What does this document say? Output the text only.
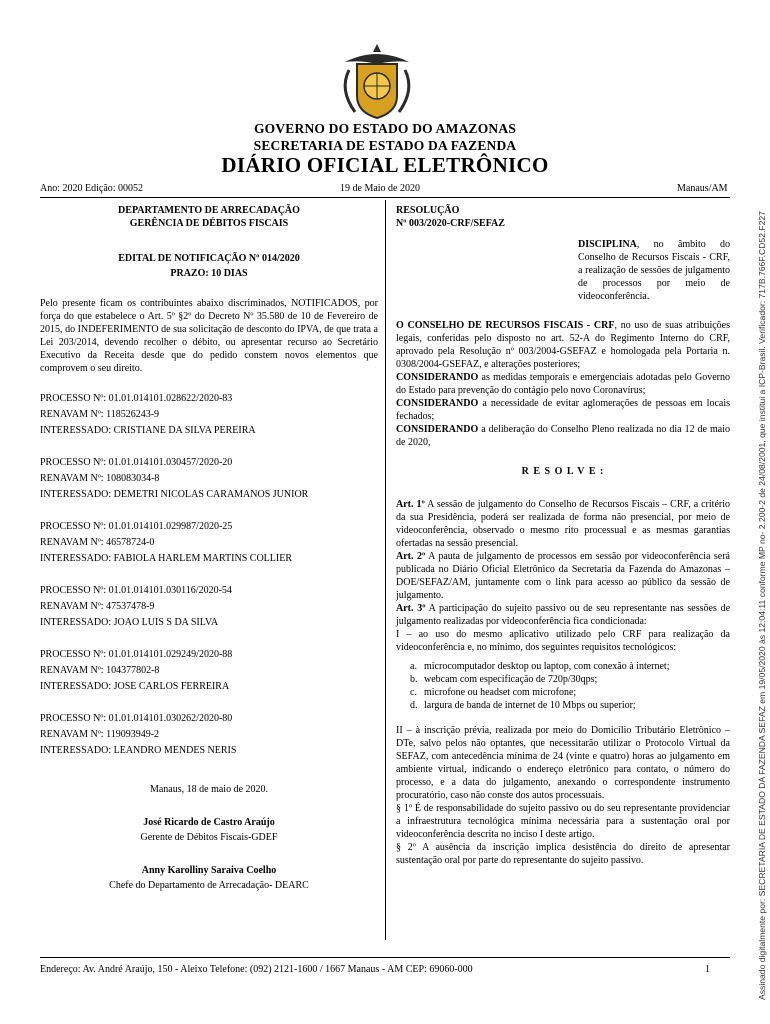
GOVERNO DO ESTADO DO AMAZONAS
SECRETARIA DE ESTADO DA FAZENDA
DIÁRIO OFICIAL ELETRÔNICO
Ano: 2020 Edição: 00052	19 de Maio de 2020	Manaus/AM
DEPARTAMENTO DE ARRECADAÇÃO
GERÊNCIA DE DÉBITOS FISCAIS
EDITAL DE NOTIFICAÇÃO Nº 014/2020
PRAZO: 10 DIAS
Pelo presente ficam os contribuintes abaixo discriminados, NOTIFICADOS, por força do que estabelece o Art. 5º §2º do Decreto Nº 35.580 de 10 de Fevereiro de 2015, do INDEFERIMENTO de sua solicitação de desconto do IPVA, de que trata a Lei 203/2014, devendo recolher o débito, ou apresentar recurso ao Secretário Executivo da Receita desde que do pedido constem novos elementos que comprovem o seu direito.
PROCESSO Nº: 01.01.014101.028622/2020-83
RENAVAM Nº: 118526243-9
INTERESSADO: CRISTIANE DA SILVA PEREIRA
PROCESSO Nº: 01.01.014101.030457/2020-20
RENAVAM Nº: 108083034-8
INTERESSADO: DEMETRI NICOLAS CARAMANOS JUNIOR
PROCESSO Nº: 01.01.014101.029987/2020-25
RENAVAM Nº: 46578724-0
INTERESSADO: FABIOLA HARLEM MARTINS COLLIER
PROCESSO Nº: 01.01.014101.030116/2020-54
RENAVAM Nº: 47537478-9
INTERESSADO: JOAO LUIS S DA SILVA
PROCESSO Nº: 01.01.014101.029249/2020-88
RENAVAM Nº: 104377802-8
INTERESSADO: JOSE CARLOS FERREIRA
PROCESSO Nº: 01.01.014101.030262/2020-80
RENAVAM Nº: 119093949-2
INTERESSADO: LEANDRO MENDES NERIS
Manaus, 18 de maio de 2020.
José Ricardo de Castro Araújo
Gerente de Débitos Fiscais-GDEF
Anny Karolliny Saraiva Coelho
Chefe do Departamento de Arrecadação- DEARC
RESOLUÇÃO
Nº 003/2020-CRF/SEFAZ
DISCIPLINA, no âmbito do Conselho de Recursos Fiscais - CRF, a realização de sessões de julgamento de processos por meio de videoconferência.
O CONSELHO DE RECURSOS FISCAIS - CRF, no uso de suas atribuições legais, conferidas pelo disposto no art. 52-A do Regimento Interno do CRF, aprovado pela Resolução nº 003/2004-GSEFAZ e homologada pela Portaria n. 0308/2004-GSEFAZ, e alterações posteriores;
CONSIDERANDO as medidas temporais e emergenciais adotadas pelo Governo do Estado para prevenção do contágio pelo novo Coronavírus;
CONSIDERANDO a necessidade de evitar aglomerações de pessoas em locais fechados;
CONSIDERANDO a deliberação do Conselho Pleno realizada no dia 12 de maio de 2020,
R E S O L V E :
Art. 1º A sessão de julgamento do Conselho de Recursos Fiscais – CRF, a critério da sua Presidência, poderá ser realizada de forma não presencial, por meio de videoconferência, observado o mesmo rito processual e as mesmas garantias ofertadas na sessão presencial.
Art. 2º A pauta de julgamento de processos em sessão por videoconferência será publicada no Diário Oficial Eletrônico da Secretaria da Fazenda do Amazonas – DOE/SEFAZ/AM, juntamente com o link para acesso ao público da sessão de julgamento.
Art. 3º A participação do sujeito passivo ou de seu representante nas sessões de julgamento realizadas por videoconferência fica condicionada:
I – ao uso do mesmo aplicativo utilizado pelo CRF para realização da videoconferência e, no mínimo, dos seguintes requisitos tecnológicos:
a. microcomputador desktop ou laptop, com conexão à internet;
b. webcam com especificação de 720p/30qps;
c. microfone ou headset com microfone;
d. largura de banda de internet de 10 Mbps ou superior;
II – à inscrição prévia, realizada por meio do Domicílio Tributário Eletrônico – DTe, salvo pelos não optantes, que necessitarão utilizar o Protocolo Virtual da SEFAZ, com antecedência mínima de 24 (vinte e quatro) horas ao julgamento em ambiente virtual, indicando o endereço eletrônico para contato, o número do processo, e a data do julgamento, anexando o correspondente instrumento procuratório, caso não conste dos autos processuais.
§ 1º É de responsabilidade do sujeito passivo ou do seu representante providenciar a infraestrutura tecnológica mínima necessária para a sustentação oral por videoconferência descrita no inciso I deste artigo.
§ 2º A ausência da inscrição implica desistência do direito de apresentar sustentação oral por parte do representante do sujeito passivo.
Endereço: Av. André Araújo, 150 - Aleixo Telefone: (092) 2121-1600 / 1667 Manaus - AM CEP: 69060-000	1	Assinado digitalmente por: SECRETARIA DE ESTADO DA FAZENDA SEFAZ em 19/05/2020 às 12:04:11 conforme MP no- 2.200-2 de 24/08/2001, que institui a ICP-Brasil. Verificador: 717B.766F.CD52.F227
